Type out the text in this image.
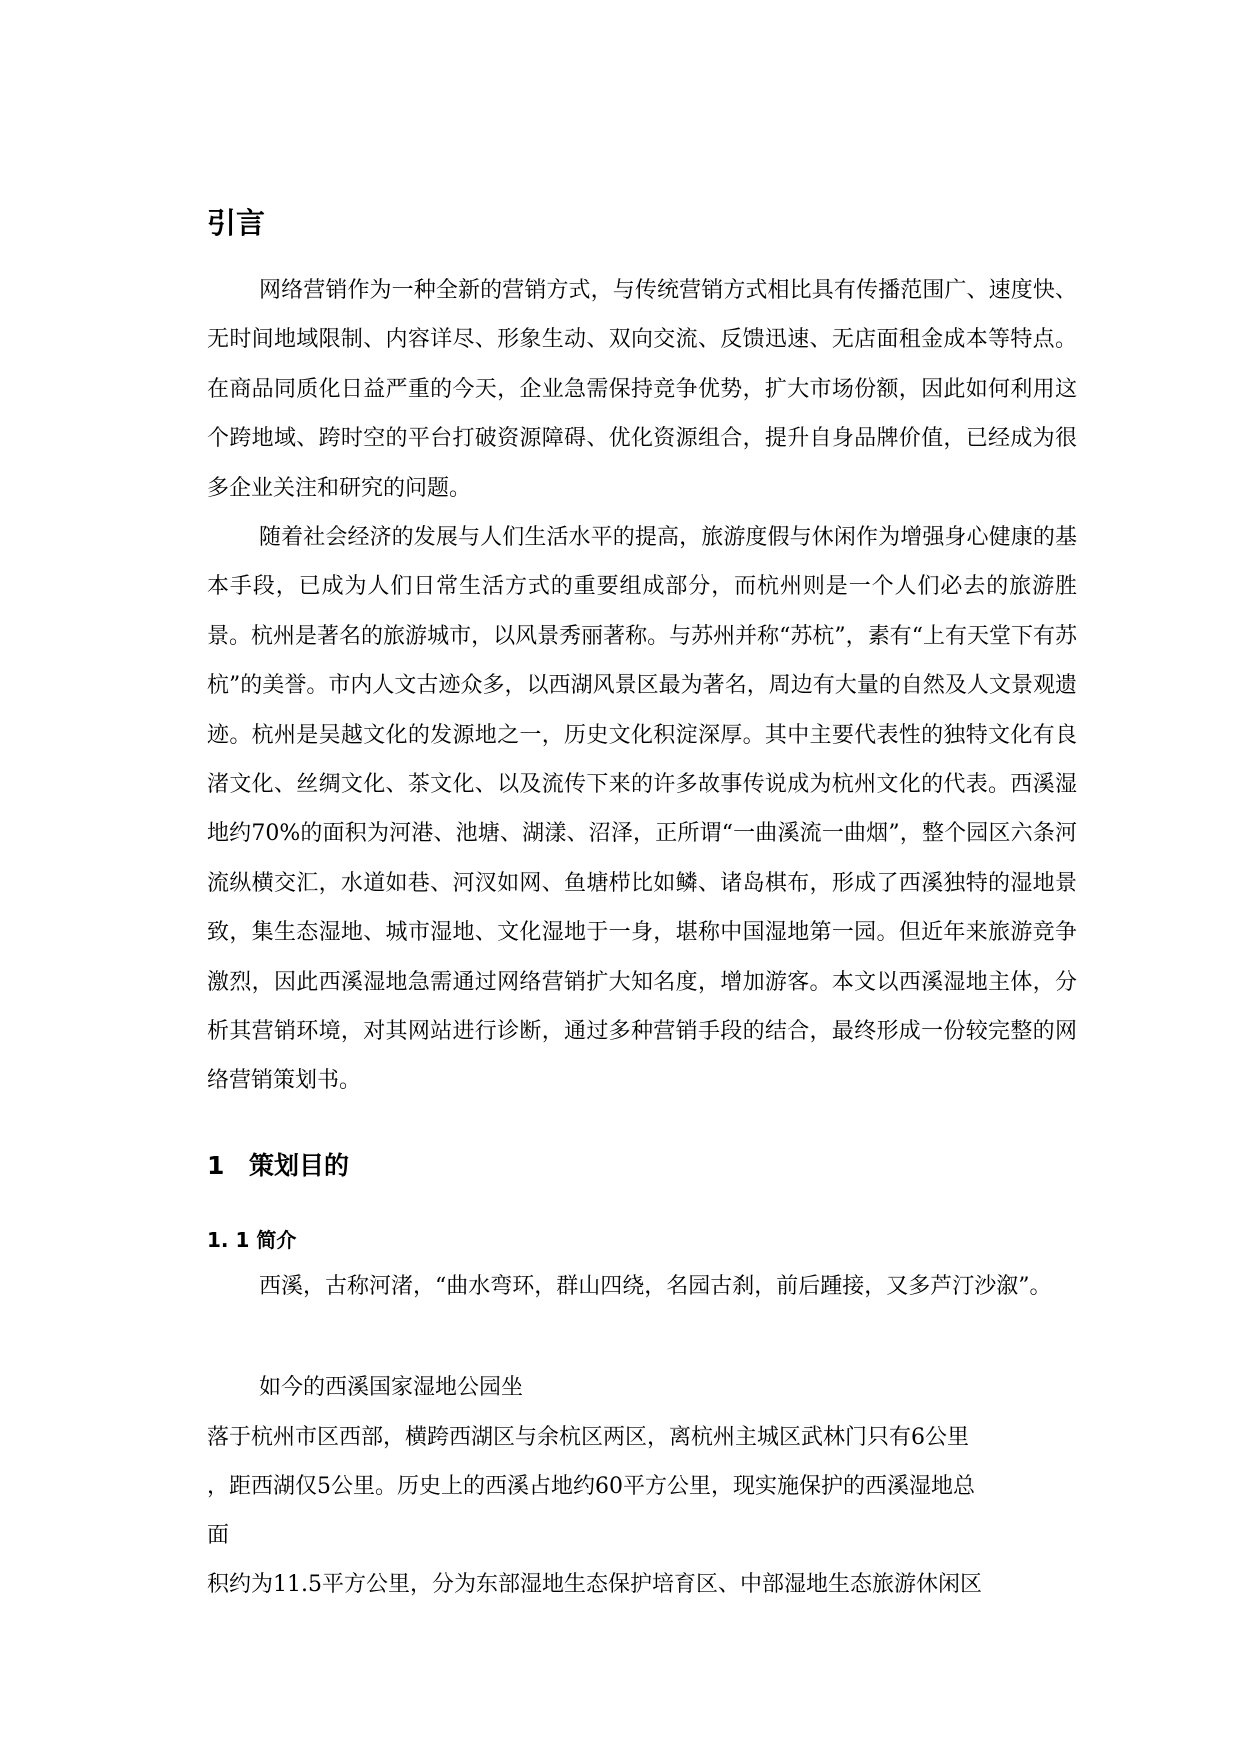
引言

网络营销作为一种全新的营销方式，与传统营销方式相比具有传播范围广、速度快、无时间地域限制、内容详尽、形象生动、双向交流、反馈迅速、无店面租金成本等特点。在商品同质化日益严重的今天，企业急需保持竞争优势，扩大市场份额，因此如何利用这个跨地域、跨时空的平台打破资源障碍、优化资源组合，提升自身品牌价值，已经成为很多企业关注和研究的问题。

随着社会经济的发展与人们生活水平的提高，旅游度假与休闲作为增强身心健康的基本手段，已成为人们日常生活方式的重要组成部分，而杭州则是一个人们必去的旅游胜景。杭州是著名的旅游城市，以风景秀丽著称。与苏州并称“苏杭”，素有“上有天堂下有苏杭”的美誉。市内人文古迹众多，以西湖风景区最为著名，周边有大量的自然及人文景观遗迹。杭州是吴越文化的发源地之一，历史文化积淀深厚。其中主要代表性的独特文化有良渚文化、丝绸文化、茶文化、以及流传下来的许多故事传说成为杭州文化的代表。西溪湿地约70%的面积为河港、池塘、湖漾、沼泽，正所谓“一曲溪流一曲烟”，整个园区六条河流纵横交汇，水道如巷、河汊如网、鱼塘栉比如鳞、诸岛棋布，形成了西溪独特的湿地景致，集生态湿地、城市湿地、文化湿地于一身，堪称中国湿地第一园。但近年来旅游竞争激烈，因此西溪湿地急需通过网络营销扩大知名度，增加游客。本文以西溪湿地主体，分析其营销环境，对其网站进行诊断，通过多种营销手段的结合，最终形成一份较完整的网络营销策划书。

1 策划目的
1. 1 简介

西溪，古称河渚，“曲水弯环，群山四绕，名园古刹，前后踵接，又多芦汀沙溆”。

如今的西溪国家湿地公园坐
落于杭州市区西部，横跨西湖区与余杭区两区，离杭州主城区武林门只有6公里
，距西湖仅5公里。历史上的西溪占地约60平方公里，现实施保护的西溪湿地总
面
积约为11.5平方公里，分为东部湿地生态保护培育区、中部湿地生态旅游休闲区
